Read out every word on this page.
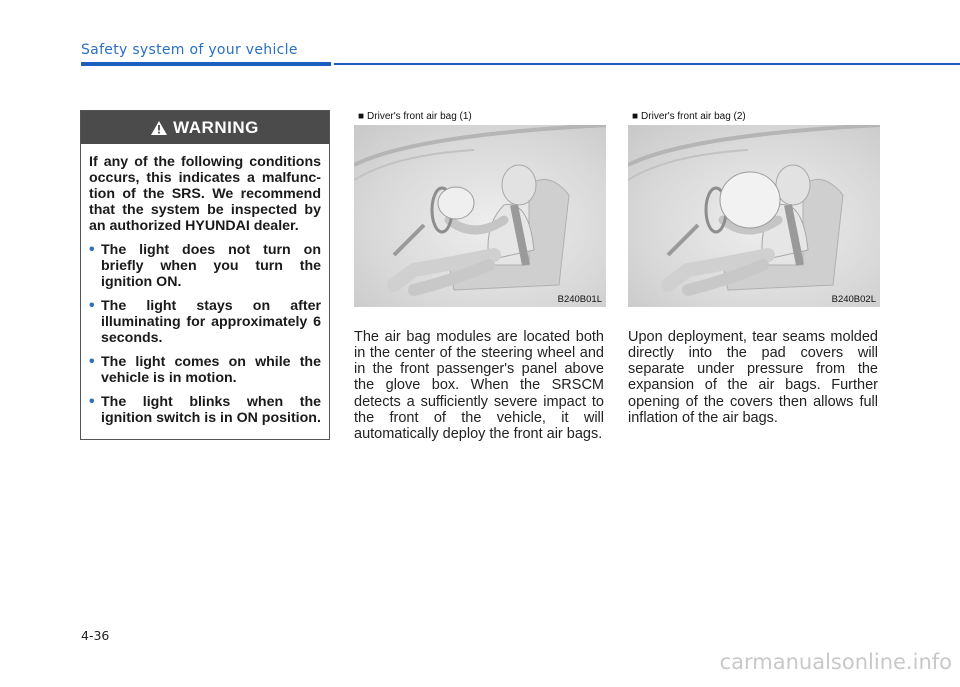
Safety system of your vehicle
WARNING

If any of the following conditions occurs, this indicates a malfunction of the SRS. We recommend that the system be inspected by an authorized HYUNDAI dealer.

• The light does not turn on briefly when you turn the ignition ON.
• The light stays on after illuminating for approximately 6 seconds.
• The light comes on while the vehicle is in motion.
• The light blinks when the ignition switch is in ON position.
■ Driver's front air bag (1)
B240B01L
■ Driver's front air bag (2)
B240B02L

The air bag modules are located both in the center of the steering wheel and in the front passenger's panel above the glove box. When the SRSCM detects a sufficiently severe impact to the front of the vehicle, it will automatically deploy the front air bags.

Upon deployment, tear seams molded directly into the pad covers will separate under pressure from the expansion of the air bags. Further opening of the covers then allows full inflation of the air bags.

4-36
carmanualsonline.info
